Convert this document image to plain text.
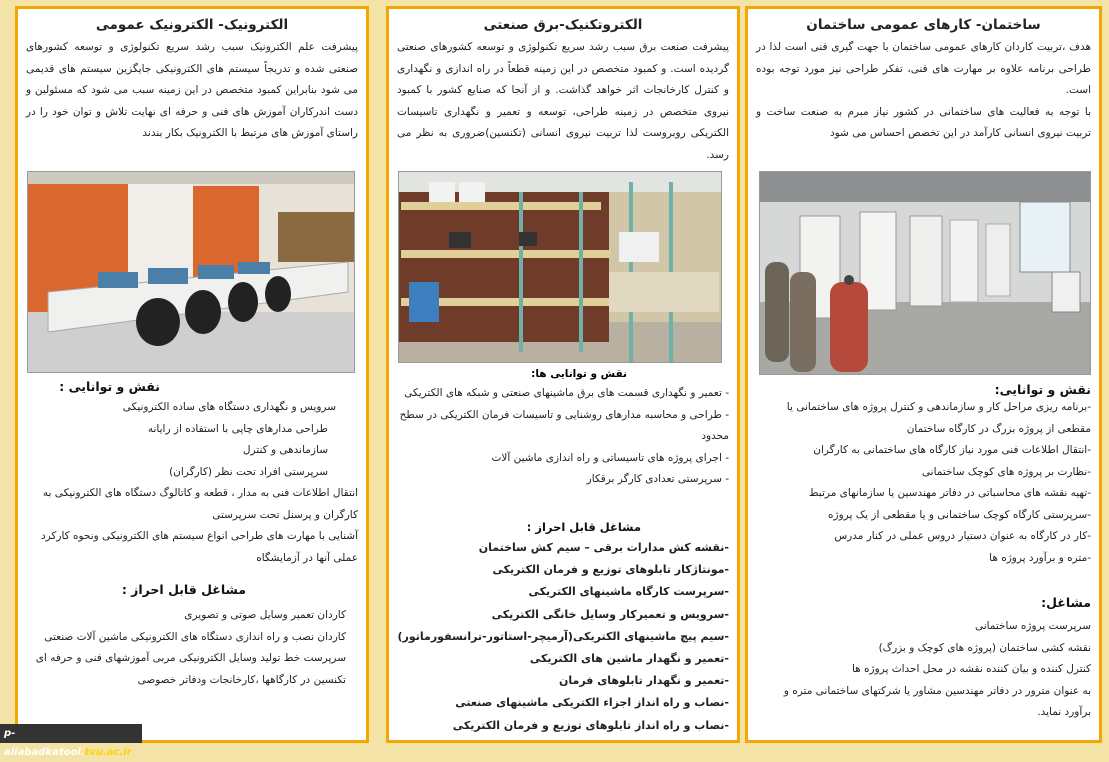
ساختمان- کارهای عمومی ساختمان

هدف ،تربیت کاردان کارهای عمومی ساختمان با جهت گیری فنی است لذا در طراحی برنامه علاوه بر مهارت های فنی، تفکر طراحی نیز مورد توجه بوده است.

با توجه به فعالیت های ساختمانی در کشور نیاز مبرم به صنعت ساخت و تربیت نیروی انسانی کارآمد در این تخصص احساس می شود

نقش و توانایی:
-برنامه ریزی مراحل کار و سازماندهی و کنترل پروژه های ساختمانی یا مقطعی از پروژه بزرگ در کارگاه ساختمان
-انتقال اطلاعات فنی مورد نیاز کارگاه های ساختمانی به کارگران
-نظارت بر پروژه های کوچک ساختمانی
-تهیه نقشه های محاسباتی در دفاتر مهندسین یا سازمانهای مرتبط
-سرپرستی کارگاه کوچک ساختمانی و یا مقطعی از یک پروژه
-کار در کارگاه به عنوان دستیار دروس عملی در کنار مدرس
-متره و برآورد پروژه ها
مشاغل:
سرپرست پروژه ساختمانی
نقشه کشی ساختمان (پروژه های کوچک و بزرگ)
کنترل کننده و بیان کننده نقشه در محل احداث پروژه ها
به عنوان مترور در دفاتر مهندسین مشاور یا شرکتهای ساختمانی متره و برآورد نماید.
الکتروتکنیک-برق صنعتی

پیشرفت صنعت برق سبب رشد سریع تکنولوژی و توسعه کشورهای صنعتی گردیده است. و کمبود متخصص در این زمینه قطعاً در راه اندازی و نگهداری و کنترل کارخانجات اثر خواهد گذاشت. و از آنجا که صنایع کشور با کمبود نیروی متخصص در زمینه طراحی، توسعه و تعمیر و نگهداری تاسیسات الکتریکی روبروست لذا تربیت نیروی انسانی (تکنسین)ضروری به نظر می رسد.

نقش و توانایی ها:
- تعمیر و نگهداری قسمت های برق ماشینهای صنعتی و شبکه های الکتریکی
- طراحی و محاسبه مدارهای روشنایی و تاسیسات فرمان الکتریکی در سطح محدود
- اجرای پروژه های تاسیساتی و راه اندازی ماشین آلات
- سرپرستی تعدادی کارگر برقکار
مشاغل قابل احراز :
-نقشه کش مدارات برقی – سیم کش ساختمان
-مونتاژکار تابلوهای توزیع و فرمان الکتریکی
-سرپرست کارگاه ماشینهای الکتریکی
-سرویس و تعمیرکار وسایل خانگی الکتریکی
-سیم پیچ ماشینهای الکتریکی(آرمیچر-استاتور-ترانسفورماتور)
-تعمیر و نگهدار ماشین های الکتریکی
-تعمیر و نگهدار تابلوهای فرمان
-نصاب و راه انداز اجزاء الکتریکی ماشینهای صنعتی
-نصاب و راه انداز تابلوهای توزیع و فرمان الکتریکی
الکترونیک- الکترونیک عمومی

پیشرفت علم الکترونیک سبب رشد سریع تکنولوژی و توسعه کشورهای صنعتی شده و تدریجاً سیستم های الکترونیکی جایگزین سیستم های قدیمی می شود بنابراین کمبود متخصص در این زمینه سبب می شود که مسئولین و دست اندرکاران آموزش های فنی و حرفه ای نهایت تلاش و توان خود را در راستای آموزش های مرتبط با الکترونیک بکار بندند

نقش و توانایی :
سرویس و نگهداری دستگاه های ساده الکترونیکی
طراحی مدارهای چاپی با استفاده از رایانه
سازماندهی و کنترل
سرپرستی افراد تحت نظر (کارگران)
انتقال اطلاعات فنی به مدار ، قطعه و کاتالوگ دستگاه های الکترونیکی به کارگران و پرسنل تحت سرپرستی
آشنایی با مهارت های طراحی انواع سیستم های الکترونیکی ونحوه کارکرد عملی آنها در آزمایشگاه
مشاغل قابل احراز :
کاردان تعمیر وسایل صوتی و تصویری
کاردان نصب و راه اندازی دستگاه های الکترونیکی ماشین آلات صنعتی
سرپرست خط تولید وسایل الکترونیکی مربی آموزشهای فنی و حرفه ای تکنسین در کارگاهها ،کارخانجات ودفاتر خصوصی
p-aliabadkatool.tvu.ac.ir
